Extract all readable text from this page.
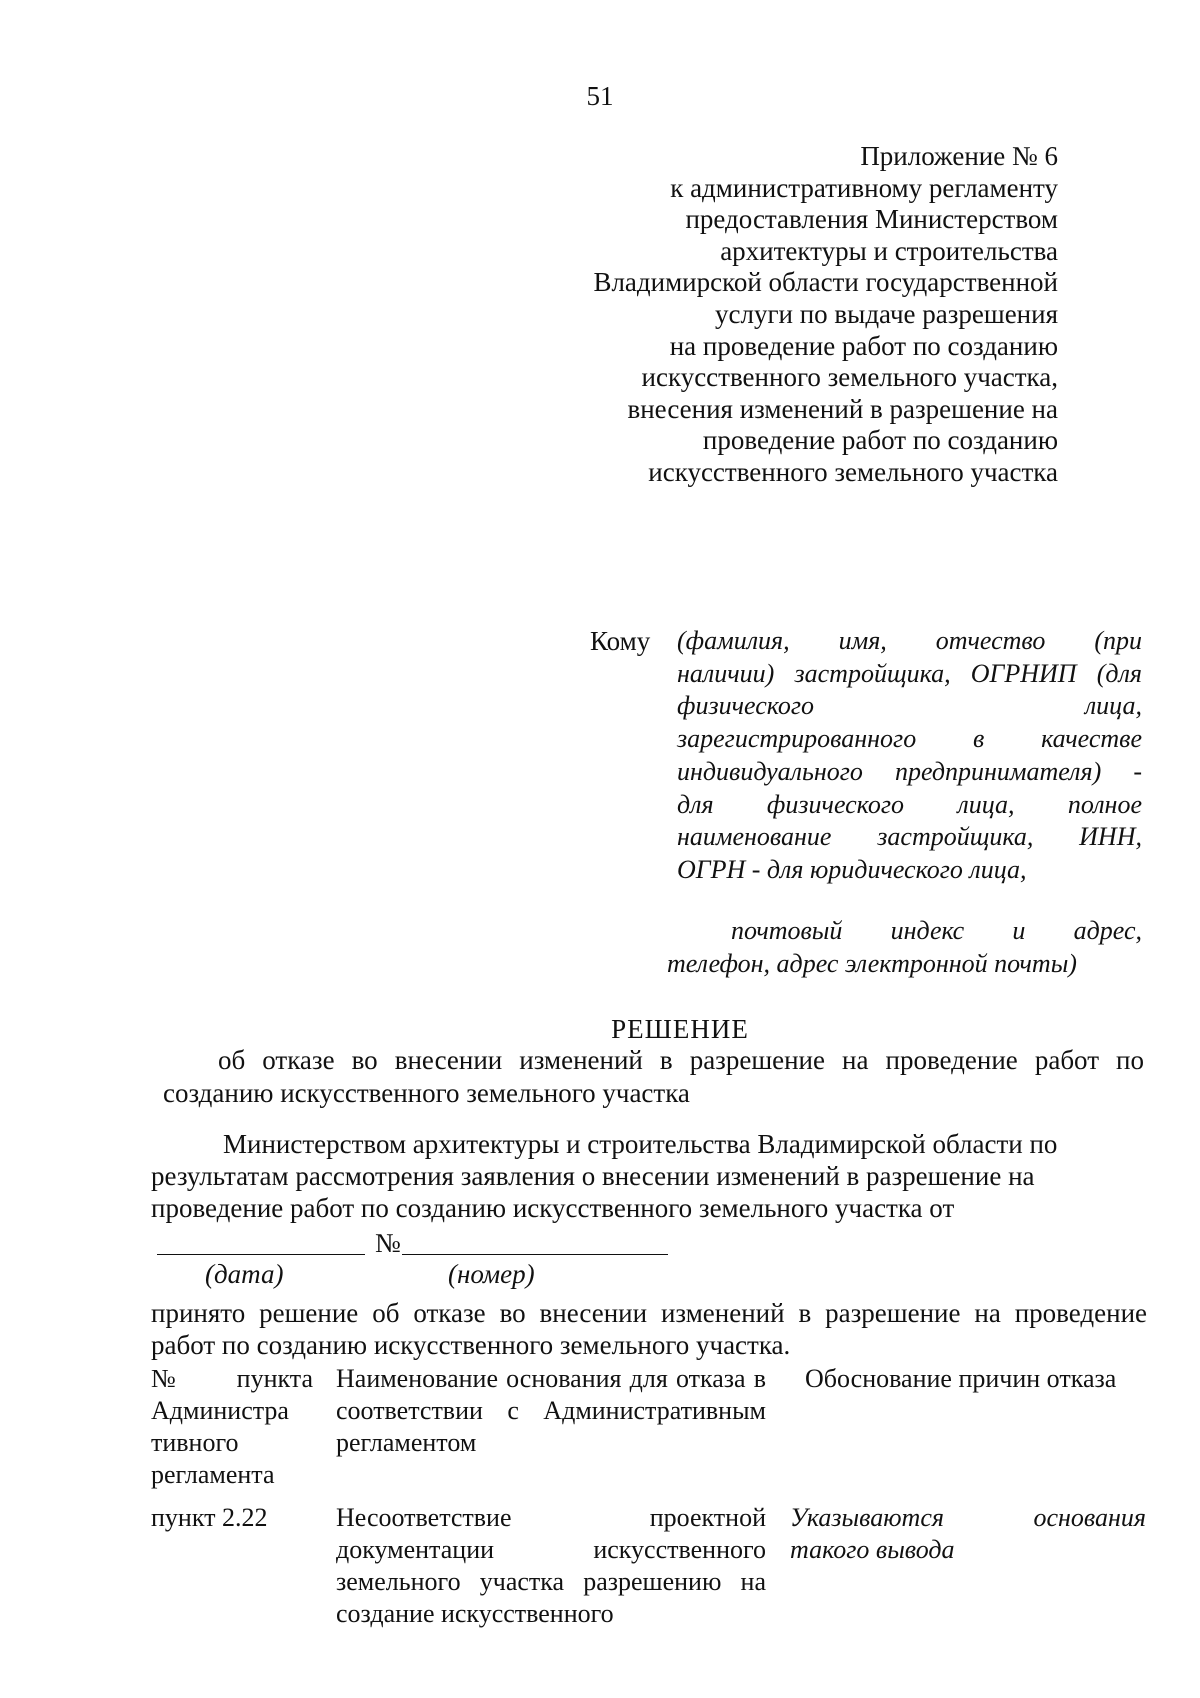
51
Приложение № 6
к административному регламенту
предоставления Министерством
архитектуры и строительства
Владимирской области государственной
услуги по выдаче разрешения
на проведение работ по созданию
искусственного земельного участка,
внесения изменений в разрешение на
проведение работ по созданию
искусственного земельного участка
Кому (фамилия, имя, отчество (при
наличии) застройщика, ОГРНИП (для
физического лица,
зарегистрированного в качестве
индивидуального предпринимателя) -
для физического лица, полное
наименование застройщика, ИНН,
ОГРН - для юридического лица,
почтовый индекс и адрес,
телефон, адрес электронной почты)
РЕШЕНИЕ
об отказе во внесении изменений в разрешение на проведение работ по
созданию искусственного земельного участка
Министерством архитектуры и строительства Владимирской области по
результатам рассмотрения заявления о внесении изменений в разрешение на
проведение работ по созданию искусственного земельного участка от
№
(дата)	(номер)
принято решение об отказе во внесении изменений в разрешение на проведение
работ по созданию искусственного земельного участка.
№ пункта Администра тивного регламента
Наименование основания для отказа в соответствии с Административным регламентом
Обоснование причин отказа
пункт 2.22	Несоответствие проектной документации искусственного земельного участка разрешению на создание искусственного
Указываются основания такого вывода
